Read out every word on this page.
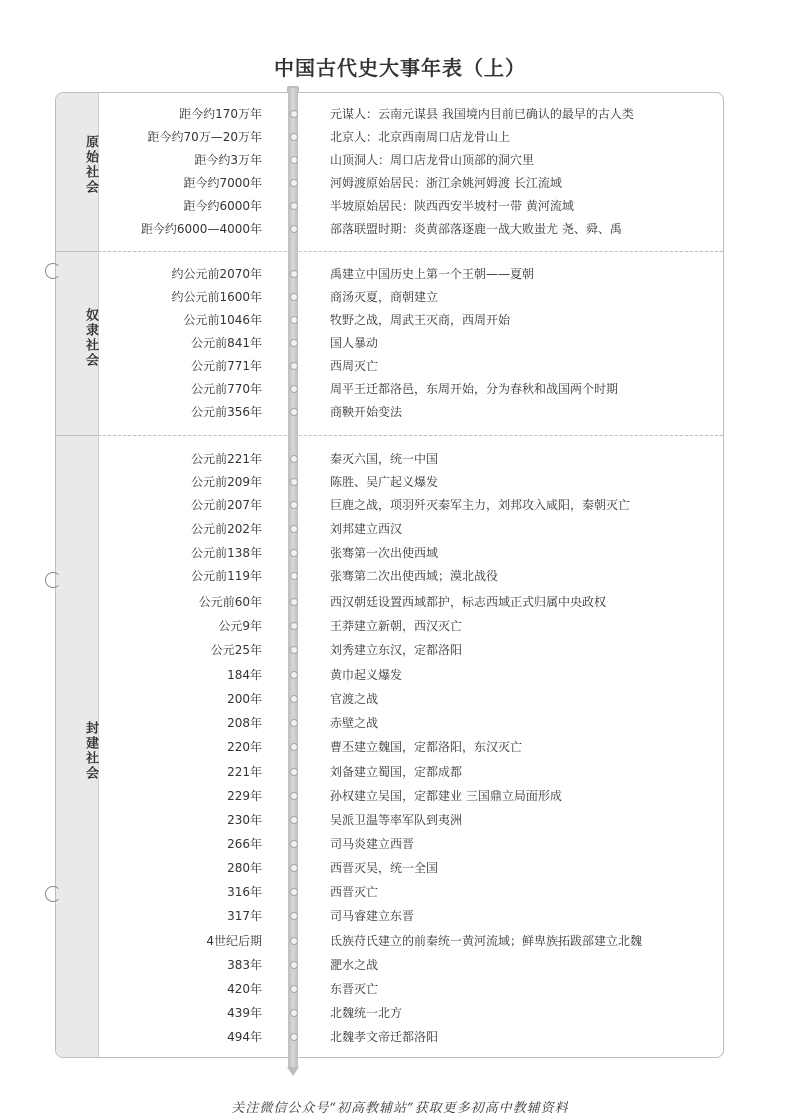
中国古代史大事年表（上）
原始社会
奴隶社会
封建社会
距今约170万年	元谋人：云南元谋县 我国境内目前已确认的最早的古人类
距今约70万—20万年	北京人：北京西南周口店龙骨山上
距今约3万年	山顶洞人：周口店龙骨山顶部的洞穴里
距今约7000年	河姆渡原始居民：浙江余姚河姆渡 长江流域
距今约6000年	半坡原始居民：陕西西安半坡村一带 黄河流域
距今约6000—4000年	部落联盟时期：炎黄部落逐鹿一战大败蚩尤 尧、舜、禹
约公元前2070年	禹建立中国历史上第一个王朝——夏朝
约公元前1600年	商汤灭夏，商朝建立
公元前1046年	牧野之战，周武王灭商，西周开始
公元前841年	国人暴动
公元前771年	西周灭亡
公元前770年	周平王迁都洛邑，东周开始，分为春秋和战国两个时期
公元前356年	商鞅开始变法
公元前221年	秦灭六国，统一中国
公元前209年	陈胜、吴广起义爆发
公元前207年	巨鹿之战，项羽歼灭秦军主力，刘邦攻入咸阳，秦朝灭亡
公元前202年	刘邦建立西汉
公元前138年	张骞第一次出使西域
公元前119年	张骞第二次出使西域；漠北战役
公元前60年	西汉朝廷设置西域都护，标志西域正式归属中央政权
公元9年	王莽建立新朝，西汉灭亡
公元25年	刘秀建立东汉，定都洛阳
184年	黄巾起义爆发
200年	官渡之战
208年	赤壁之战
220年	曹丕建立魏国，定都洛阳，东汉灭亡
221年	刘备建立蜀国，定都成都
229年	孙权建立吴国，定都建业 三国鼎立局面形成
230年	吴派卫温等率军队到夷洲
266年	司马炎建立西晋
280年	西晋灭吴，统一全国
316年	西晋灭亡
317年	司马睿建立东晋
4世纪后期	氐族苻氏建立的前秦统一黄河流域；鲜卑族拓跋部建立北魏
383年	淝水之战
420年	东晋灭亡
439年	北魏统一北方
494年	北魏孝文帝迁都洛阳
关注微信公众号“初高教辅站”获取更多初高中教辅资料
